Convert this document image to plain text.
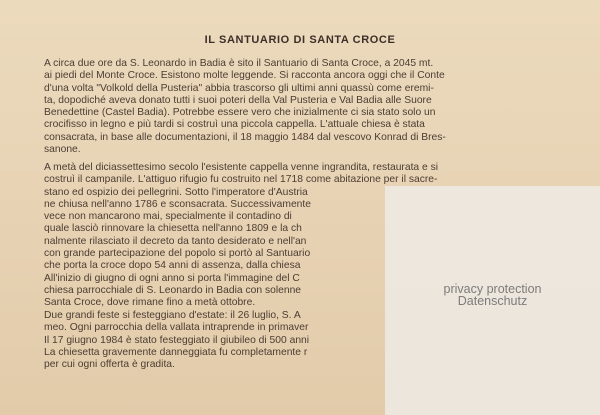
IL SANTUARIO DI SANTA CROCE
A circa due ore da S. Leonardo in Badia è sito il Santuario di Santa Croce, a 2045 mt.
ai piedi del Monte Croce. Esistono molte leggende. Si racconta ancora oggi che il Conte
d'una volta "Volkold della Pusteria" abbia trascorso gli ultimi anni quassù come eremi-
ta, dopodiché aveva donato tutti i suoi poteri della Val Pusteria e Val Badia alle Suore
Benedettine (Castel Badia). Potrebbe essere vero che inizialmente ci sia stato solo un
crocifisso in legno e più tardi si costruì una piccola cappella. L'attuale chiesa è stata
consacrata, in base alle documentazioni, il 18 maggio 1484 dal vescovo Konrad di Bres-
sanone.
A metà del diciassettesimo secolo l'esistente cappella venne ingrandita, restaurata e si
costruì il campanile. L'attiguo rifugio fu costruito nel 1718 come abitazione per il sacre-
stano ed ospizio dei pellegrini. Sotto l'imperatore d'Austria
ne chiusa nell'anno 1786 e sconsacrata. Successivamente
vece non mancarono mai, specialmente il contadino di
quale lasciò rinnovare la chiesetta nell'anno 1809 e la ch
nalmente rilasciato il decreto da tanto desiderato e nell'an
con grande partecipazione del popolo si portò al Santuario
che porta la croce dopo 54 anni di assenza, dalla chiesa
All'inizio di giugno di ogni anno si porta l'immagine del C
chiesa parrocchiale di S. Leonardo in Badia con solenne
Santa Croce, dove rimane fino a metà ottobre.
Due grandi feste si festeggiano d'estate: il 26 luglio, S. A
meo. Ogni parrocchia della vallata intraprende in primaver
Il 17 giugno 1984 è stato festeggiato il giubileo di 500 anni
La chiesetta gravemente danneggiata fu completamente r
per cui ogni offerta è gradita.
privacy protection
Datenschutz
